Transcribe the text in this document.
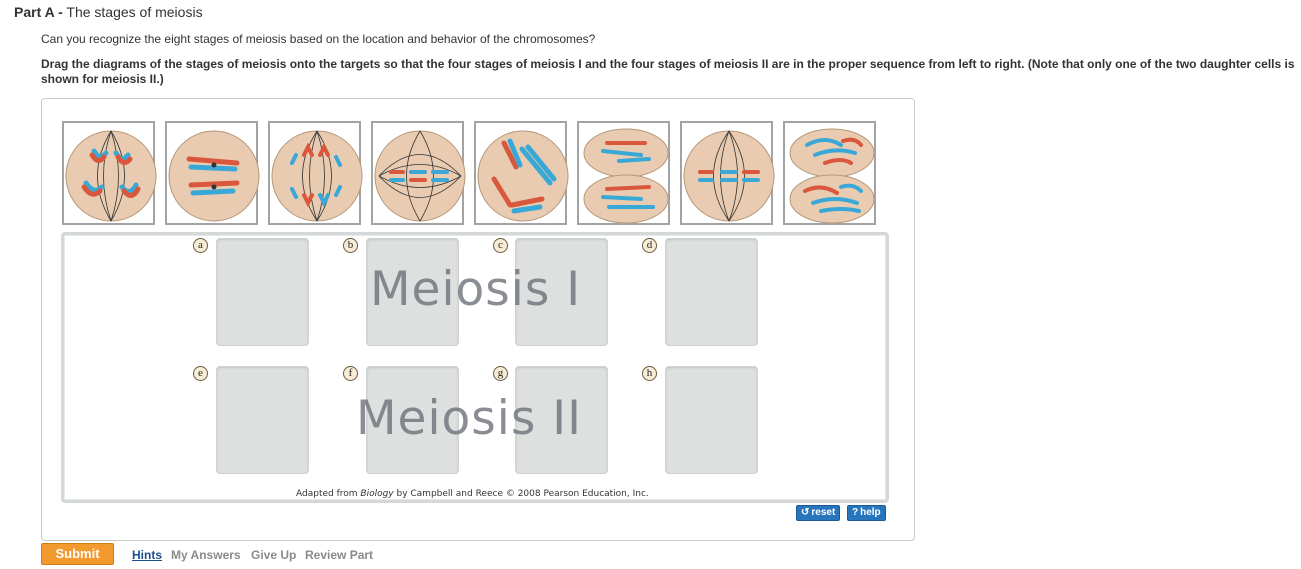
Part A - The stages of meiosis
Can you recognize the eight stages of meiosis based on the location and behavior of the chromosomes?
Drag the diagrams of the stages of meiosis onto the targets so that the four stages of meiosis I and the four stages of meiosis II are in the proper sequence from left to right. (Note that only one of the two daughter cells is shown for meiosis II.)
a	b	c	d
e	f	g	h
Meiosis I
Meiosis II
Adapted from Biology by Campbell and Reece © 2008 Pearson Education, Inc.
↺ reset	? help
Submit	Hints My Answers Give Up Review Part
